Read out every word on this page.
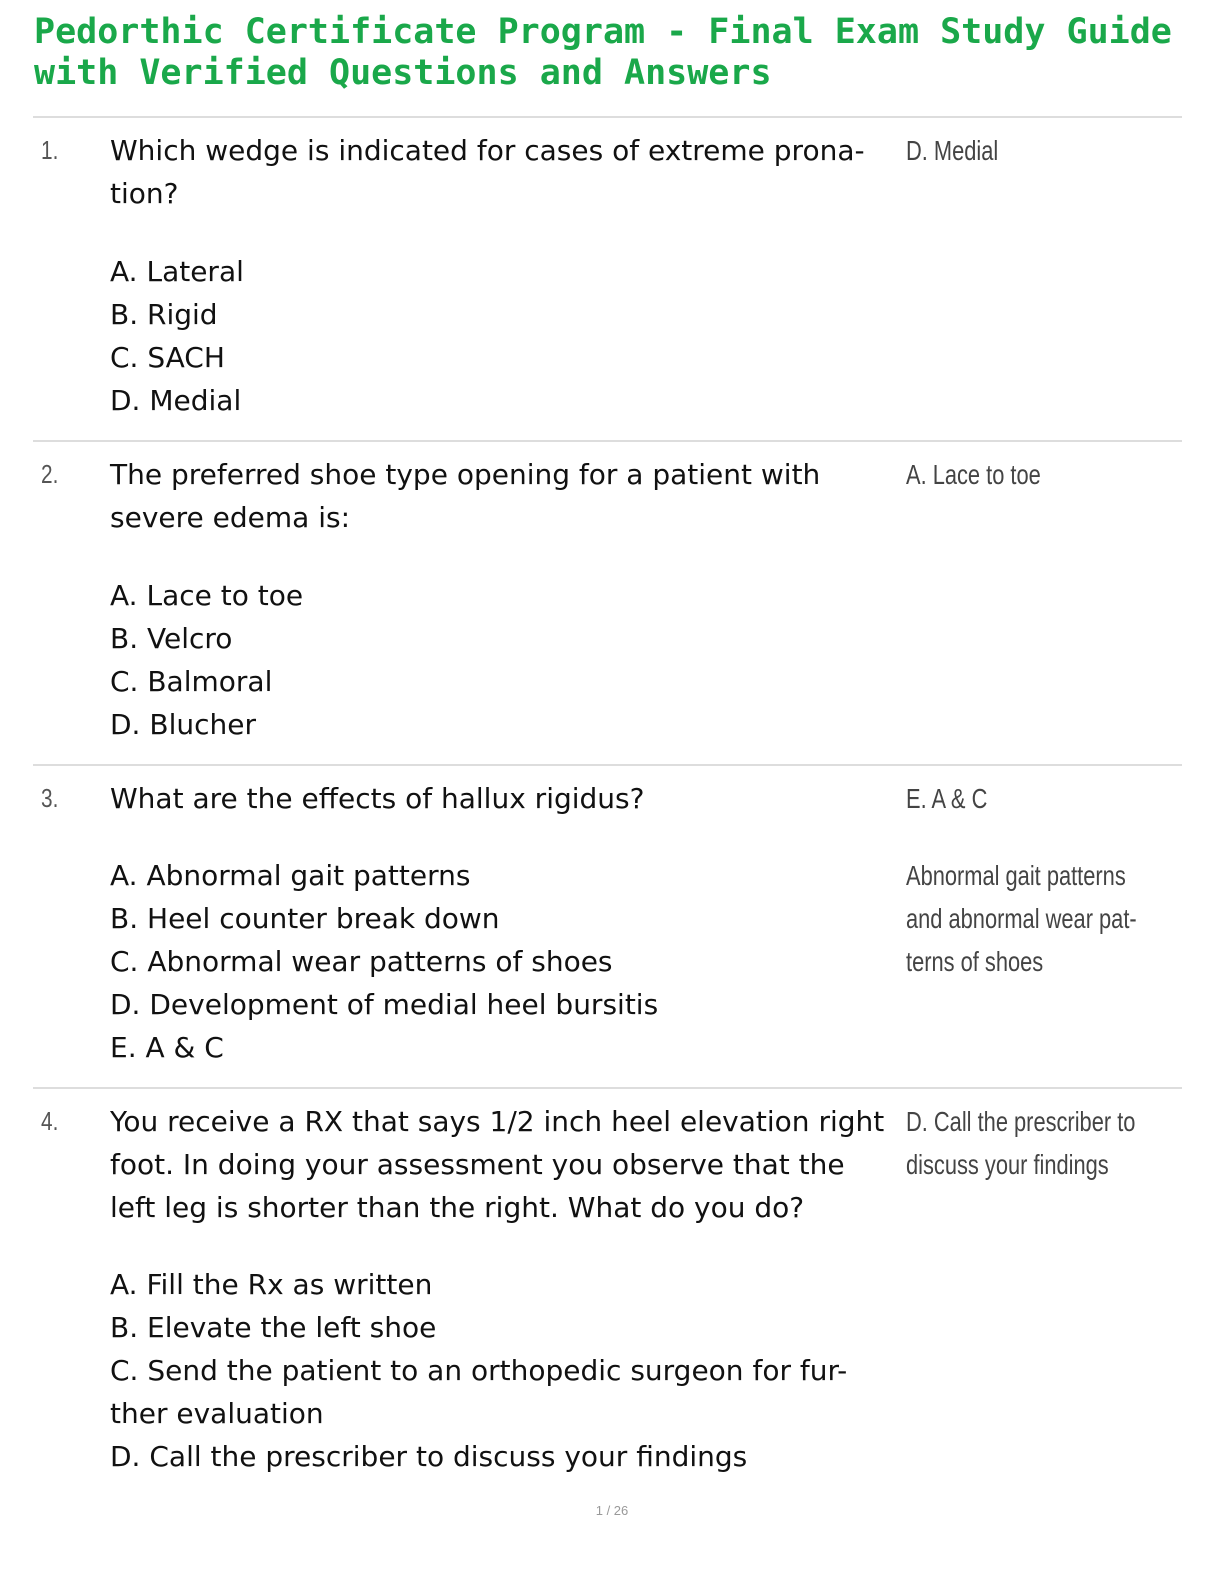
Pedorthic Certificate Program - Final Exam Study Guide
with Verified Questions and Answers
1. Which wedge is indicated for cases of extreme prona-
tion?
A. Lateral
B. Rigid
C. SACH
D. Medial
D. Medial
2. The preferred shoe type opening for a patient with
severe edema is:
A. Lace to toe
B. Velcro
C. Balmoral
D. Blucher
A. Lace to toe
3. What are the effects of hallux rigidus?
A. Abnormal gait patterns
B. Heel counter break down
C. Abnormal wear patterns of shoes
D. Development of medial heel bursitis
E. A & C
E. A & C
Abnormal gait patterns
and abnormal wear pat-
terns of shoes
4. You receive a RX that says 1/2 inch heel elevation right
foot. In doing your assessment you observe that the
left leg is shorter than the right. What do you do?
A. Fill the Rx as written
B. Elevate the left shoe
C. Send the patient to an orthopedic surgeon for fur-
ther evaluation
D. Call the prescriber to discuss your findings
D. Call the prescriber to
discuss your findings
1 / 26
